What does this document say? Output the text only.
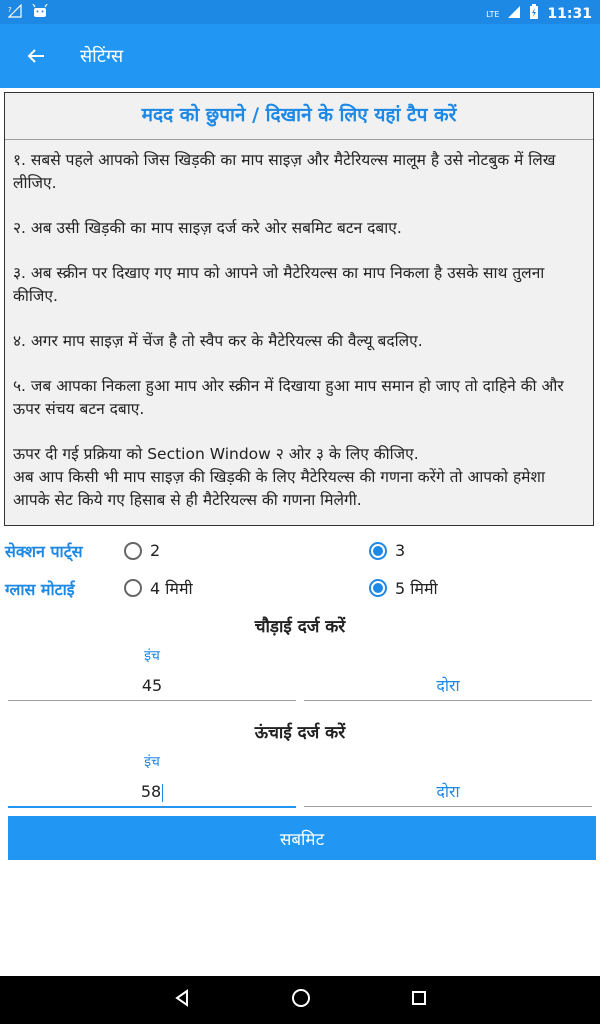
?	LTE	11:31
सेटिंग्स
मदद को छुपाने / दिखाने के लिए यहां टैप करें

१. सबसे पहले आपको जिस खिड़की का माप साइज़ और मैटेरियल्स मालूम है उसे नोटबुक में लिख लीजिए.

२. अब उसी खिड़की का माप साइज़ दर्ज करे ओर सबमिट बटन दबाए.

३. अब स्क्रीन पर दिखाए गए माप को आपने जो मैटेरियल्स का माप निकला है उसके साथ तुलना कीजिए.

४. अगर माप साइज़ में चेंज है तो स्वैप कर के मैटेरियल्स की वैल्यू बदलिए.

५. जब आपका निकला हुआ माप ओर स्क्रीन में दिखाया हुआ माप समान हो जाए तो दाहिने की और ऊपर संचय बटन दबाए.

ऊपर दी गई प्रक्रिया को Section Window २ ओर ३ के लिए कीजिए.
अब आप किसी भी माप साइज़ की खिड़की के लिए मैटेरियल्स की गणना करेंगे तो आपको हमेशा आपके सेट किये गए हिसाब से ही मैटेरियल्स की गणना मिलेगी.

सेक्शन पार्ट्स	2	3
ग्लास मोटाई	4 मिमी	5 मिमी
चौड़ाई दर्ज करें
इंच
45	दोरा
ऊंचाई दर्ज करें
इंच
58	दोरा
सबमिट
